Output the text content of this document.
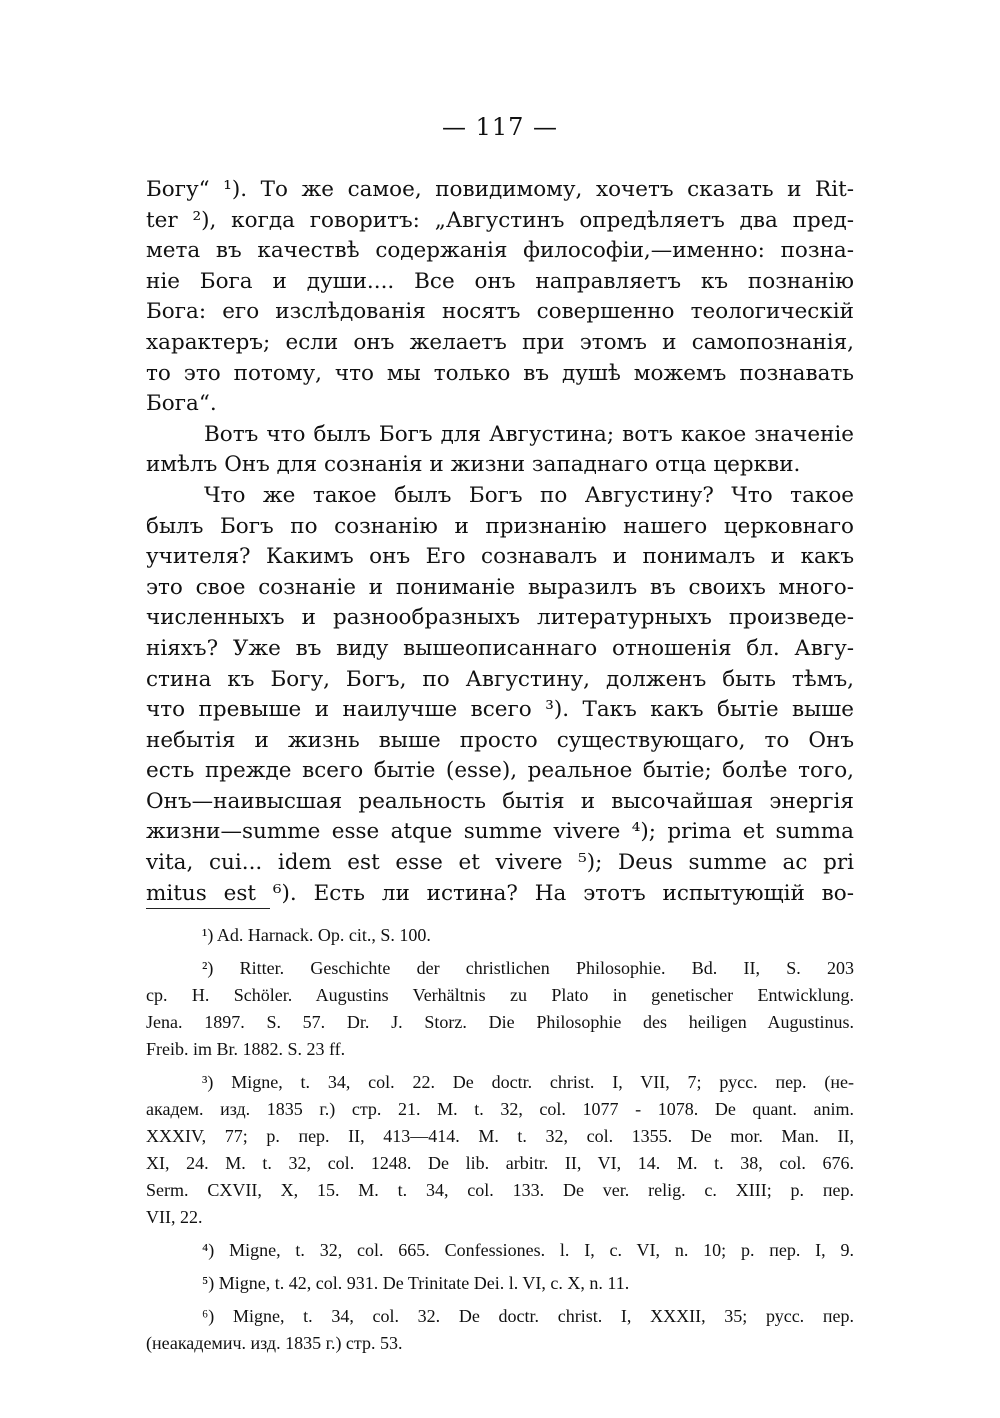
— 117 —
Богу“ ¹). То же самое, повидимому, хочетъ сказать и Rit-
ter ²), когда говоритъ: „Августинъ опредѣляетъ два пред-
мета въ качествѣ содержанія философіи,—именно: позна-
ніе Бога и души.... Все онъ направляетъ къ познанію
Бога: его изслѣдованія носятъ совершенно теологическій
характеръ; если онъ желаетъ при этомъ и самопознанія,
то это потому, что мы только въ душѣ можемъ познавать
Бога“.
Вотъ что былъ Богъ для Августина; вотъ какое значеніе
имѣлъ Онъ для сознанія и жизни западнаго отца церкви.
Что же такое былъ Богъ по Августину? Что такое
былъ Богъ по сознанію и признанію нашего церковнаго
учителя? Какимъ онъ Его сознавалъ и понималъ и какъ
это свое сознаніе и пониманіе выразилъ въ своихъ много-
численныхъ и разнообразныхъ литературныхъ произведе-
ніяхъ? Уже въ виду вышеописаннаго отношенія бл. Авгу-
стина къ Богу, Богъ, по Августину, долженъ быть тѣмъ,
что превыше и наилучше всего ³). Такъ какъ бытіе выше
небытія и жизнь выше просто существующаго, то Онъ
есть прежде всего бытіе (esse), реальное бытіе; болѣе того,
Онъ—наивысшая реальность бытія и высочайшая энергія
жизни—summe esse atque summe vivere ⁴); prima et summa
vita, cui... idem est esse et vivere ⁵); Deus summe ac pri
mitus est ⁶). Есть ли истина? На этотъ испытующій во-
¹) Ad. Harnack. Op. cit., S. 100.
²) Ritter. Geschichte der christlichen Philosophie. Bd. II, S. 203
ср. H. Schöler. Augustins Verhältnis zu Plato in genetischer Entwicklung.
Jena. 1897. S. 57. Dr. J. Storz. Die Philosophie des heiligen Augustinus.
Freib. im Br. 1882. S. 23 ff.
³) Migne, t. 34, col. 22. De doctr. christ. I, VII, 7; русс. пер. (не-
академ. изд. 1835 г.) стр. 21. M. t. 32, col. 1077 - 1078. De quant. anim.
XXXIV, 77; р. пер. II, 413—414. M. t. 32, col. 1355. De mor. Man. II,
XI, 24. M. t. 32, col. 1248. De lib. arbitr. II, VI, 14. M. t. 38, col. 676.
Serm. CXVII, X, 15. M. t. 34, col. 133. De ver. relig. c. XIII; р. пер.
VII, 22.
⁴) Migne, t. 32, col. 665. Confessiones. l. I, c. VI, n. 10; р. пер. I, 9.
⁵) Migne, t. 42, col. 931. De Trinitate Dei. l. VI, c. X, n. 11.
⁶) Migne, t. 34, col. 32. De doctr. christ. I, XXXII, 35; русс. пер.
(неакадемич. изд. 1835 г.) стр. 53.
